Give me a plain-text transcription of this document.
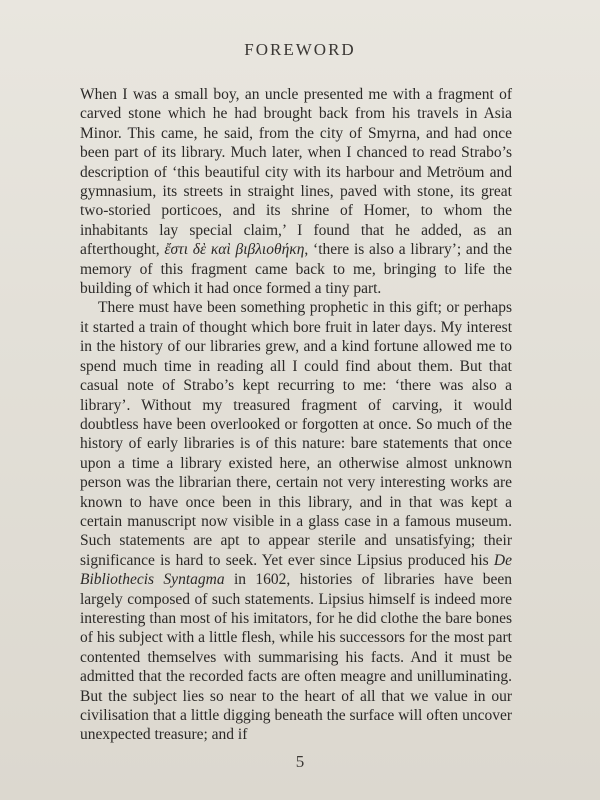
FOREWORD

When I was a small boy, an uncle presented me with a fragment of carved stone which he had brought back from his travels in Asia Minor. This came, he said, from the city of Smyrna, and had once been part of its library. Much later, when I chanced to read Strabo’s description of ‘this beautiful city with its harbour and Metröum and gymnasium, its streets in straight lines, paved with stone, its great two-storied porticoes, and its shrine of Homer, to whom the inhabitants lay special claim,’ I found that he added, as an afterthought, ἔστι δὲ καὶ βιβλιοθήκη, ‘there is also a library’; and the memory of this fragment came back to me, bringing to life the building of which it had once formed a tiny part.

There must have been something prophetic in this gift; or perhaps it started a train of thought which bore fruit in later days. My interest in the history of our libraries grew, and a kind fortune allowed me to spend much time in reading all I could find about them. But that casual note of Strabo’s kept recurring to me: ‘there was also a library’. Without my treasured fragment of carving, it would doubtless have been overlooked or forgotten at once. So much of the history of early libraries is of this nature: bare statements that once upon a time a library existed here, an otherwise almost unknown person was the librarian there, certain not very interesting works are known to have once been in this library, and in that was kept a certain manuscript now visible in a glass case in a famous museum. Such statements are apt to appear sterile and unsatisfying; their significance is hard to seek. Yet ever since Lipsius produced his De Bibliothecis Syntagma in 1602, histories of libraries have been largely composed of such statements. Lipsius himself is indeed more interesting than most of his imitators, for he did clothe the bare bones of his subject with a little flesh, while his successors for the most part contented themselves with summarising his facts. And it must be admitted that the recorded facts are often meagre and unilluminating. But the subject lies so near to the heart of all that we value in our civilisation that a little digging beneath the surface will often uncover unexpected treasure; and if

5
